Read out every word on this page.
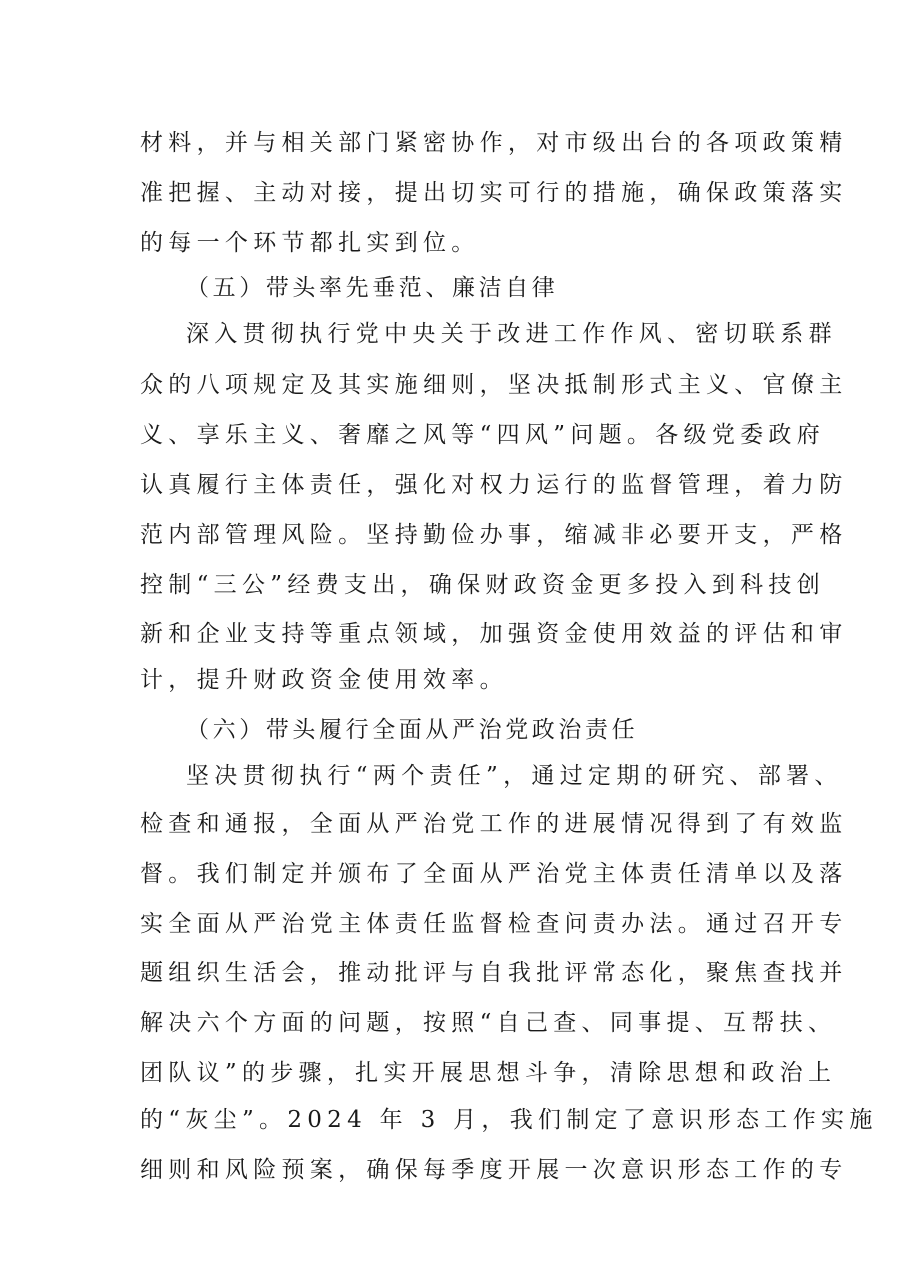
材料，并与相关部门紧密协作，对市级出台的各项政策精
准把握、主动对接，提出切实可行的措施，确保政策落实
的每一个环节都扎实到位。
（五）带头率先垂范、廉洁自律
深入贯彻执行党中央关于改进工作作风、密切联系群
众的八项规定及其实施细则，坚决抵制形式主义、官僚主
义、享乐主义、奢靡之风等“四风”问题。各级党委政府
认真履行主体责任，强化对权力运行的监督管理，着力防
范内部管理风险。坚持勤俭办事，缩减非必要开支，严格
控制“三公”经费支出，确保财政资金更多投入到科技创
新和企业支持等重点领域，加强资金使用效益的评估和审
计，提升财政资金使用效率。
（六）带头履行全面从严治党政治责任
坚决贯彻执行“两个责任”，通过定期的研究、部署、
检查和通报，全面从严治党工作的进展情况得到了有效监
督。我们制定并颁布了全面从严治党主体责任清单以及落
实全面从严治党主体责任监督检查问责办法。通过召开专
题组织生活会，推动批评与自我批评常态化，聚焦查找并
解决六个方面的问题，按照“自己查、同事提、互帮扶、
团队议”的步骤，扎实开展思想斗争，清除思想和政治上
的“灰尘”。2024 年 3 月，我们制定了意识形态工作实施
细则和风险预案，确保每季度开展一次意识形态工作的专
